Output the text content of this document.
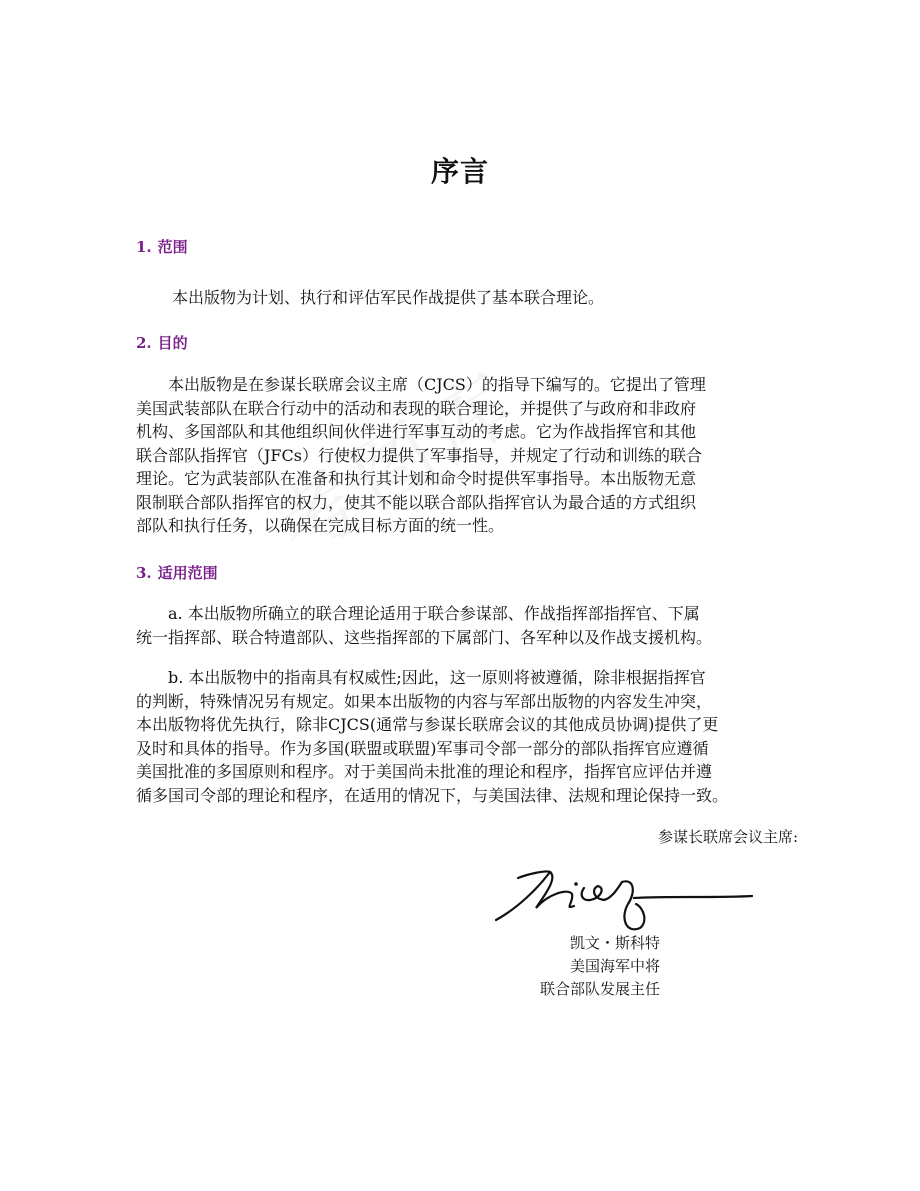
序言
1. 范围
本出版物为计划、执行和评估军民作战提供了基本联合理论。
2. 目的
本出版物是在参谋长联席会议主席（CJCS）的指导下编写的。它提出了管理
美国武装部队在联合行动中的活动和表现的联合理论，并提供了与政府和非政府
机构、多国部队和其他组织间伙伴进行军事互动的考虑。它为作战指挥官和其他
联合部队指挥官（JFCs）行使权力提供了军事指导，并规定了行动和训练的联合
理论。它为武装部队在准备和执行其计划和命令时提供军事指导。本出版物无意
限制联合部队指挥官的权力，使其不能以联合部队指挥官认为最合适的方式组织
部队和执行任务，以确保在完成目标方面的统一性。
3. 适用范围
a. 本出版物所确立的联合理论适用于联合参谋部、作战指挥部指挥官、下属
统一指挥部、联合特遣部队、这些指挥部的下属部门、各军种以及作战支援机构。
b. 本出版物中的指南具有权威性;因此，这一原则将被遵循，除非根据指挥官
的判断，特殊情况另有规定。如果本出版物的内容与军部出版物的内容发生冲突，
本出版物将优先执行，除非CJCS(通常与参谋长联席会议的其他成员协调)提供了更
及时和具体的指导。作为多国(联盟或联盟)军事司令部一部分的部队指挥官应遵循
美国批准的多国原则和程序。对于美国尚未批准的理论和程序，指挥官应评估并遵
循多国司令部的理论和程序，在适用的情况下，与美国法律、法规和理论保持一致。
参谋长联席会议主席:
凯文・斯科特
美国海军中将
联合部队发展主任
